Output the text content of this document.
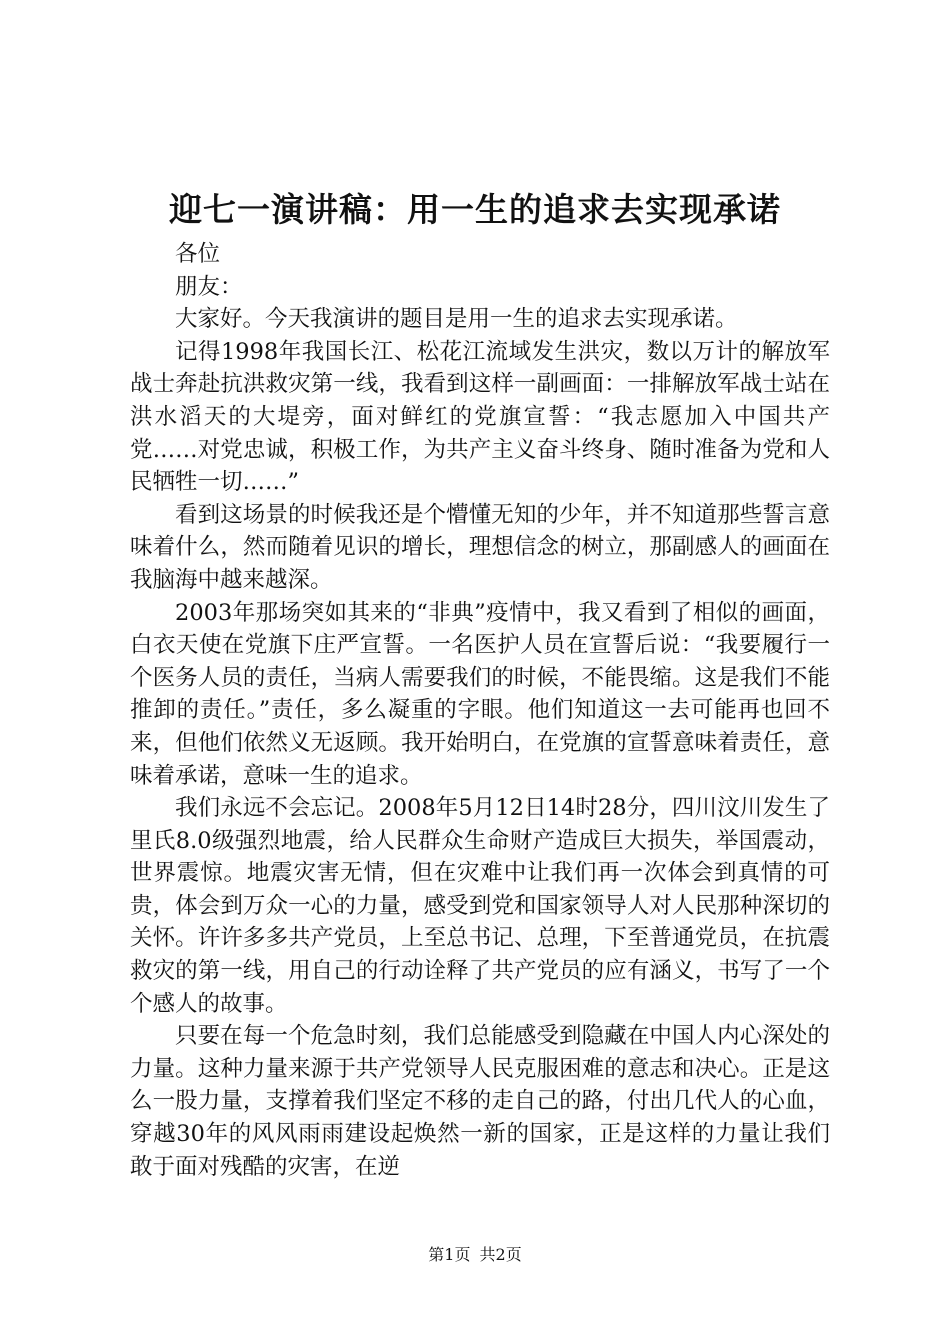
迎七一演讲稿：用一生的追求去实现承诺

各位

朋友：

大家好。今天我演讲的题目是用一生的追求去实现承诺。

记得1998年我国长江、松花江流域发生洪灾，数以万计的解放军战士奔赴抗洪救灾第一线，我看到这样一副画面：一排解放军战士站在洪水滔天的大堤旁，面对鲜红的党旗宣誓：“我志愿加入中国共产党……对党忠诚，积极工作，为共产主义奋斗终身、随时准备为党和人民牺牲一切……”

看到这场景的时候我还是个懵懂无知的少年，并不知道那些誓言意味着什么，然而随着见识的增长，理想信念的树立，那副感人的画面在我脑海中越来越深。

2003年那场突如其来的“非典”疫情中，我又看到了相似的画面，白衣天使在党旗下庄严宣誓。一名医护人员在宣誓后说：“我要履行一个医务人员的责任，当病人需要我们的时候，不能畏缩。这是我们不能推卸的责任。”责任，多么凝重的字眼。他们知道这一去可能再也回不来，但他们依然义无返顾。我开始明白，在党旗的宣誓意味着责任，意味着承诺，意味一生的追求。

我们永远不会忘记。2008年5月12日14时28分，四川汶川发生了里氏8.0级强烈地震，给人民群众生命财产造成巨大损失，举国震动，世界震惊。地震灾害无情，但在灾难中让我们再一次体会到真情的可贵，体会到万众一心的力量，感受到党和国家领导人对人民那种深切的关怀。许许多多共产党员，上至总书记、总理，下至普通党员，在抗震救灾的第一线，用自己的行动诠释了共产党员的应有涵义，书写了一个个感人的故事。

只要在每一个危急时刻，我们总能感受到隐藏在中国人内心深处的力量。这种力量来源于共产党领导人民克服困难的意志和决心。正是这么一股力量，支撑着我们坚定不移的走自己的路，付出几代人的心血，穿越30年的风风雨雨建设起焕然一新的国家，正是这样的力量让我们敢于面对残酷的灾害，在逆

第1页 共2页
